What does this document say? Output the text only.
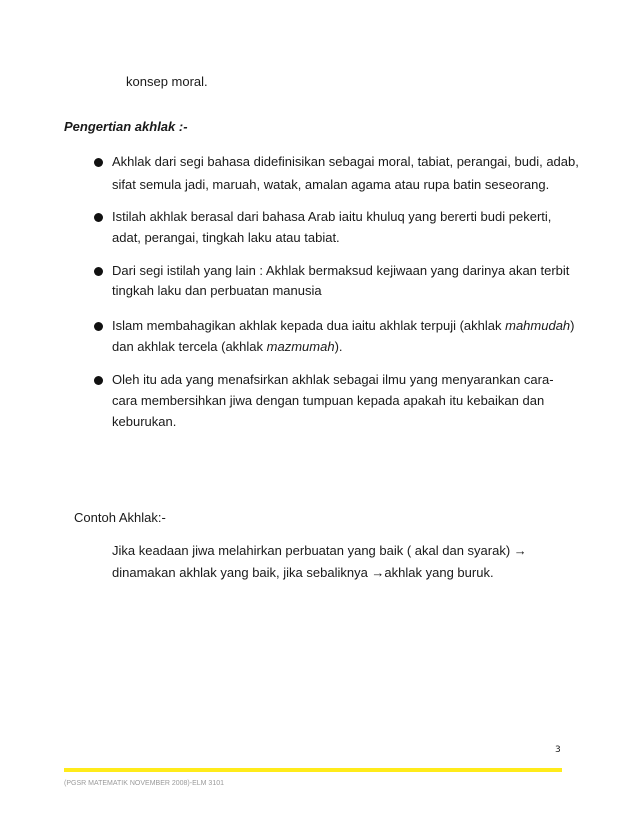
konsep moral.
Pengertian akhlak :-
Akhlak dari segi bahasa didefinisikan sebagai moral, tabiat, perangai, budi, adab,
sifat semula jadi, maruah, watak, amalan agama atau rupa batin seseorang.
Istilah akhlak berasal dari bahasa Arab iaitu khuluq yang bererti budi pekerti,
adat, perangai, tingkah laku atau tabiat.
Dari segi istilah yang lain : Akhlak bermaksud kejiwaan yang darinya akan terbit
tingkah laku dan perbuatan manusia
Islam membahagikan akhlak kepada dua iaitu akhlak terpuji (akhlak mahmudah)
dan akhlak tercela (akhlak mazmumah).
Oleh itu ada yang menafsirkan akhlak sebagai ilmu yang menyarankan cara-
cara membersihkan jiwa dengan tumpuan kepada apakah itu kebaikan dan
keburukan.
Contoh Akhlak:-
Jika keadaan jiwa melahirkan perbuatan yang baik ( akal dan syarak) →
dinamakan akhlak yang baik, jika sebaliknya →akhlak yang buruk.
3
(PGSR MATEMATIK NOVEMBER 2008)-ELM 3101
